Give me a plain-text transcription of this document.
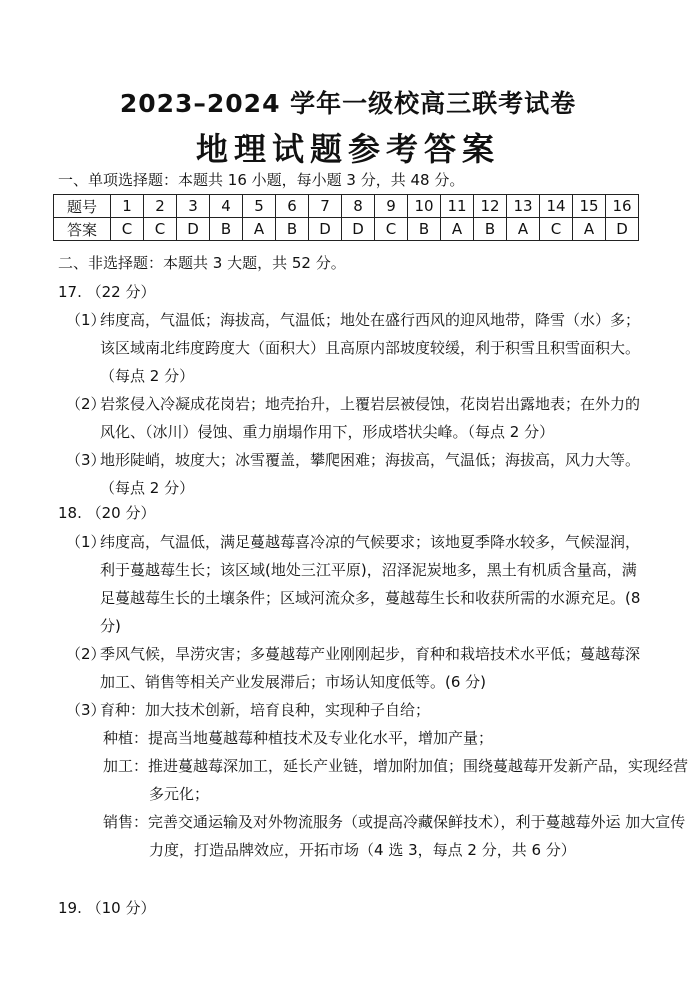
2023–2024 学年一级校高三联考试卷
地理试题参考答案
一、单项选择题：本题共 16 小题，每小题 3 分，共 48 分。
题号	1	2	3	4	5	6	7	8	9	10	11	12	13	14	15	16
答案	C	C	D	B	A	B	D	D	C	B	A	B	A	C	A	D
二、非选择题：本题共 3 大题，共 52 分。
17. （22 分）
（1）
纬度高，气温低；海拔高，气温低；地处在盛行西风的迎风地带，降雪（水）多；该区域南北纬度跨度大（面积大）且高原内部坡度较缓，利于积雪且积雪面积大。（每点 2 分）
（2）
岩浆侵入冷凝成花岗岩；地壳抬升，上覆岩层被侵蚀，花岗岩出露地表；在外力的风化、（冰川）侵蚀、重力崩塌作用下，形成塔状尖峰。（每点 2 分）
（3）
地形陡峭，坡度大；冰雪覆盖，攀爬困难；海拔高，气温低；海拔高，风力大等。（每点 2 分）
18. （20 分）
（1）
纬度高，气温低，满足蔓越莓喜冷凉的气候要求；该地夏季降水较多，气候湿润，利于蔓越莓生长；该区域(地处三江平原)，沼泽泥炭地多，黑土有机质含量高，满足蔓越莓生长的土壤条件；区域河流众多，蔓越莓生长和收获所需的水源充足。(8 分)
（2）
季风气候，旱涝灾害；多蔓越莓产业刚刚起步，育种和栽培技术水平低；蔓越莓深加工、销售等相关产业发展滞后；市场认知度低等。(6 分)
（3）
育种：加大技术创新，培育良种，实现种子自给；
种植：提高当地蔓越莓种植技术及专业化水平，增加产量；
加工：推进蔓越莓深加工，延长产业链，增加附加值；围绕蔓越莓开发新产品，实现经营多元化；
销售：完善交通运输及对外物流服务（或提高冷藏保鲜技术），利于蔓越莓外运 加大宣传力度，打造品牌效应，开拓市场（4 选 3，每点 2 分，共 6 分）
19. （10 分）
